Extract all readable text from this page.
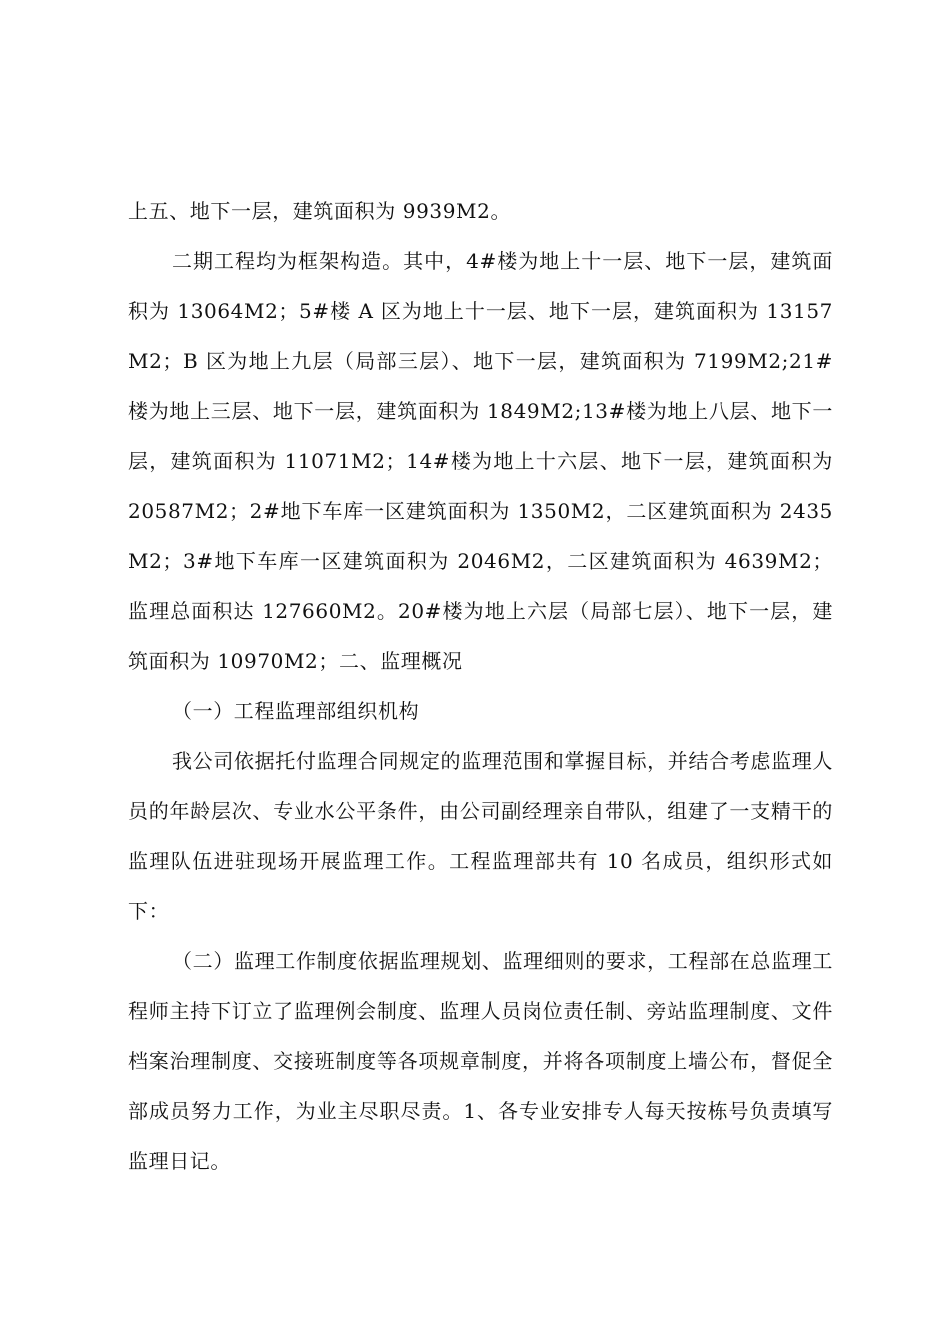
上五、地下一层，建筑面积为 9939M2。

二期工程均为框架构造。其中，4#楼为地上十一层、地下一层，建筑面积为 13064M2；5#楼 A 区为地上十一层、地下一层，建筑面积为 13157M2；B 区为地上九层（局部三层）、地下一层，建筑面积为 7199M2;21#楼为地上三层、地下一层，建筑面积为 1849M2;13#楼为地上八层、地下一层，建筑面积为 11071M2；14#楼为地上十六层、地下一层，建筑面积为 20587M2；2#地下车库一区建筑面积为 1350M2，二区建筑面积为 2435M2；3#地下车库一区建筑面积为 2046M2，二区建筑面积为 4639M2；监理总面积达 127660M2。20#楼为地上六层（局部七层）、地下一层，建筑面积为 10970M2；二、监理概况

（一）工程监理部组织机构

我公司依据托付监理合同规定的监理范围和掌握目标，并结合考虑监理人员的年龄层次、专业水公平条件，由公司副经理亲自带队，组建了一支精干的监理队伍进驻现场开展监理工作。工程监理部共有 10 名成员，组织形式如下：

（二）监理工作制度依据监理规划、监理细则的要求，工程部在总监理工程师主持下订立了监理例会制度、监理人员岗位责任制、旁站监理制度、文件档案治理制度、交接班制度等各项规章制度，并将各项制度上墙公布，督促全部成员努力工作，为业主尽职尽责。1、各专业安排专人每天按栋号负责填写监理日记。
